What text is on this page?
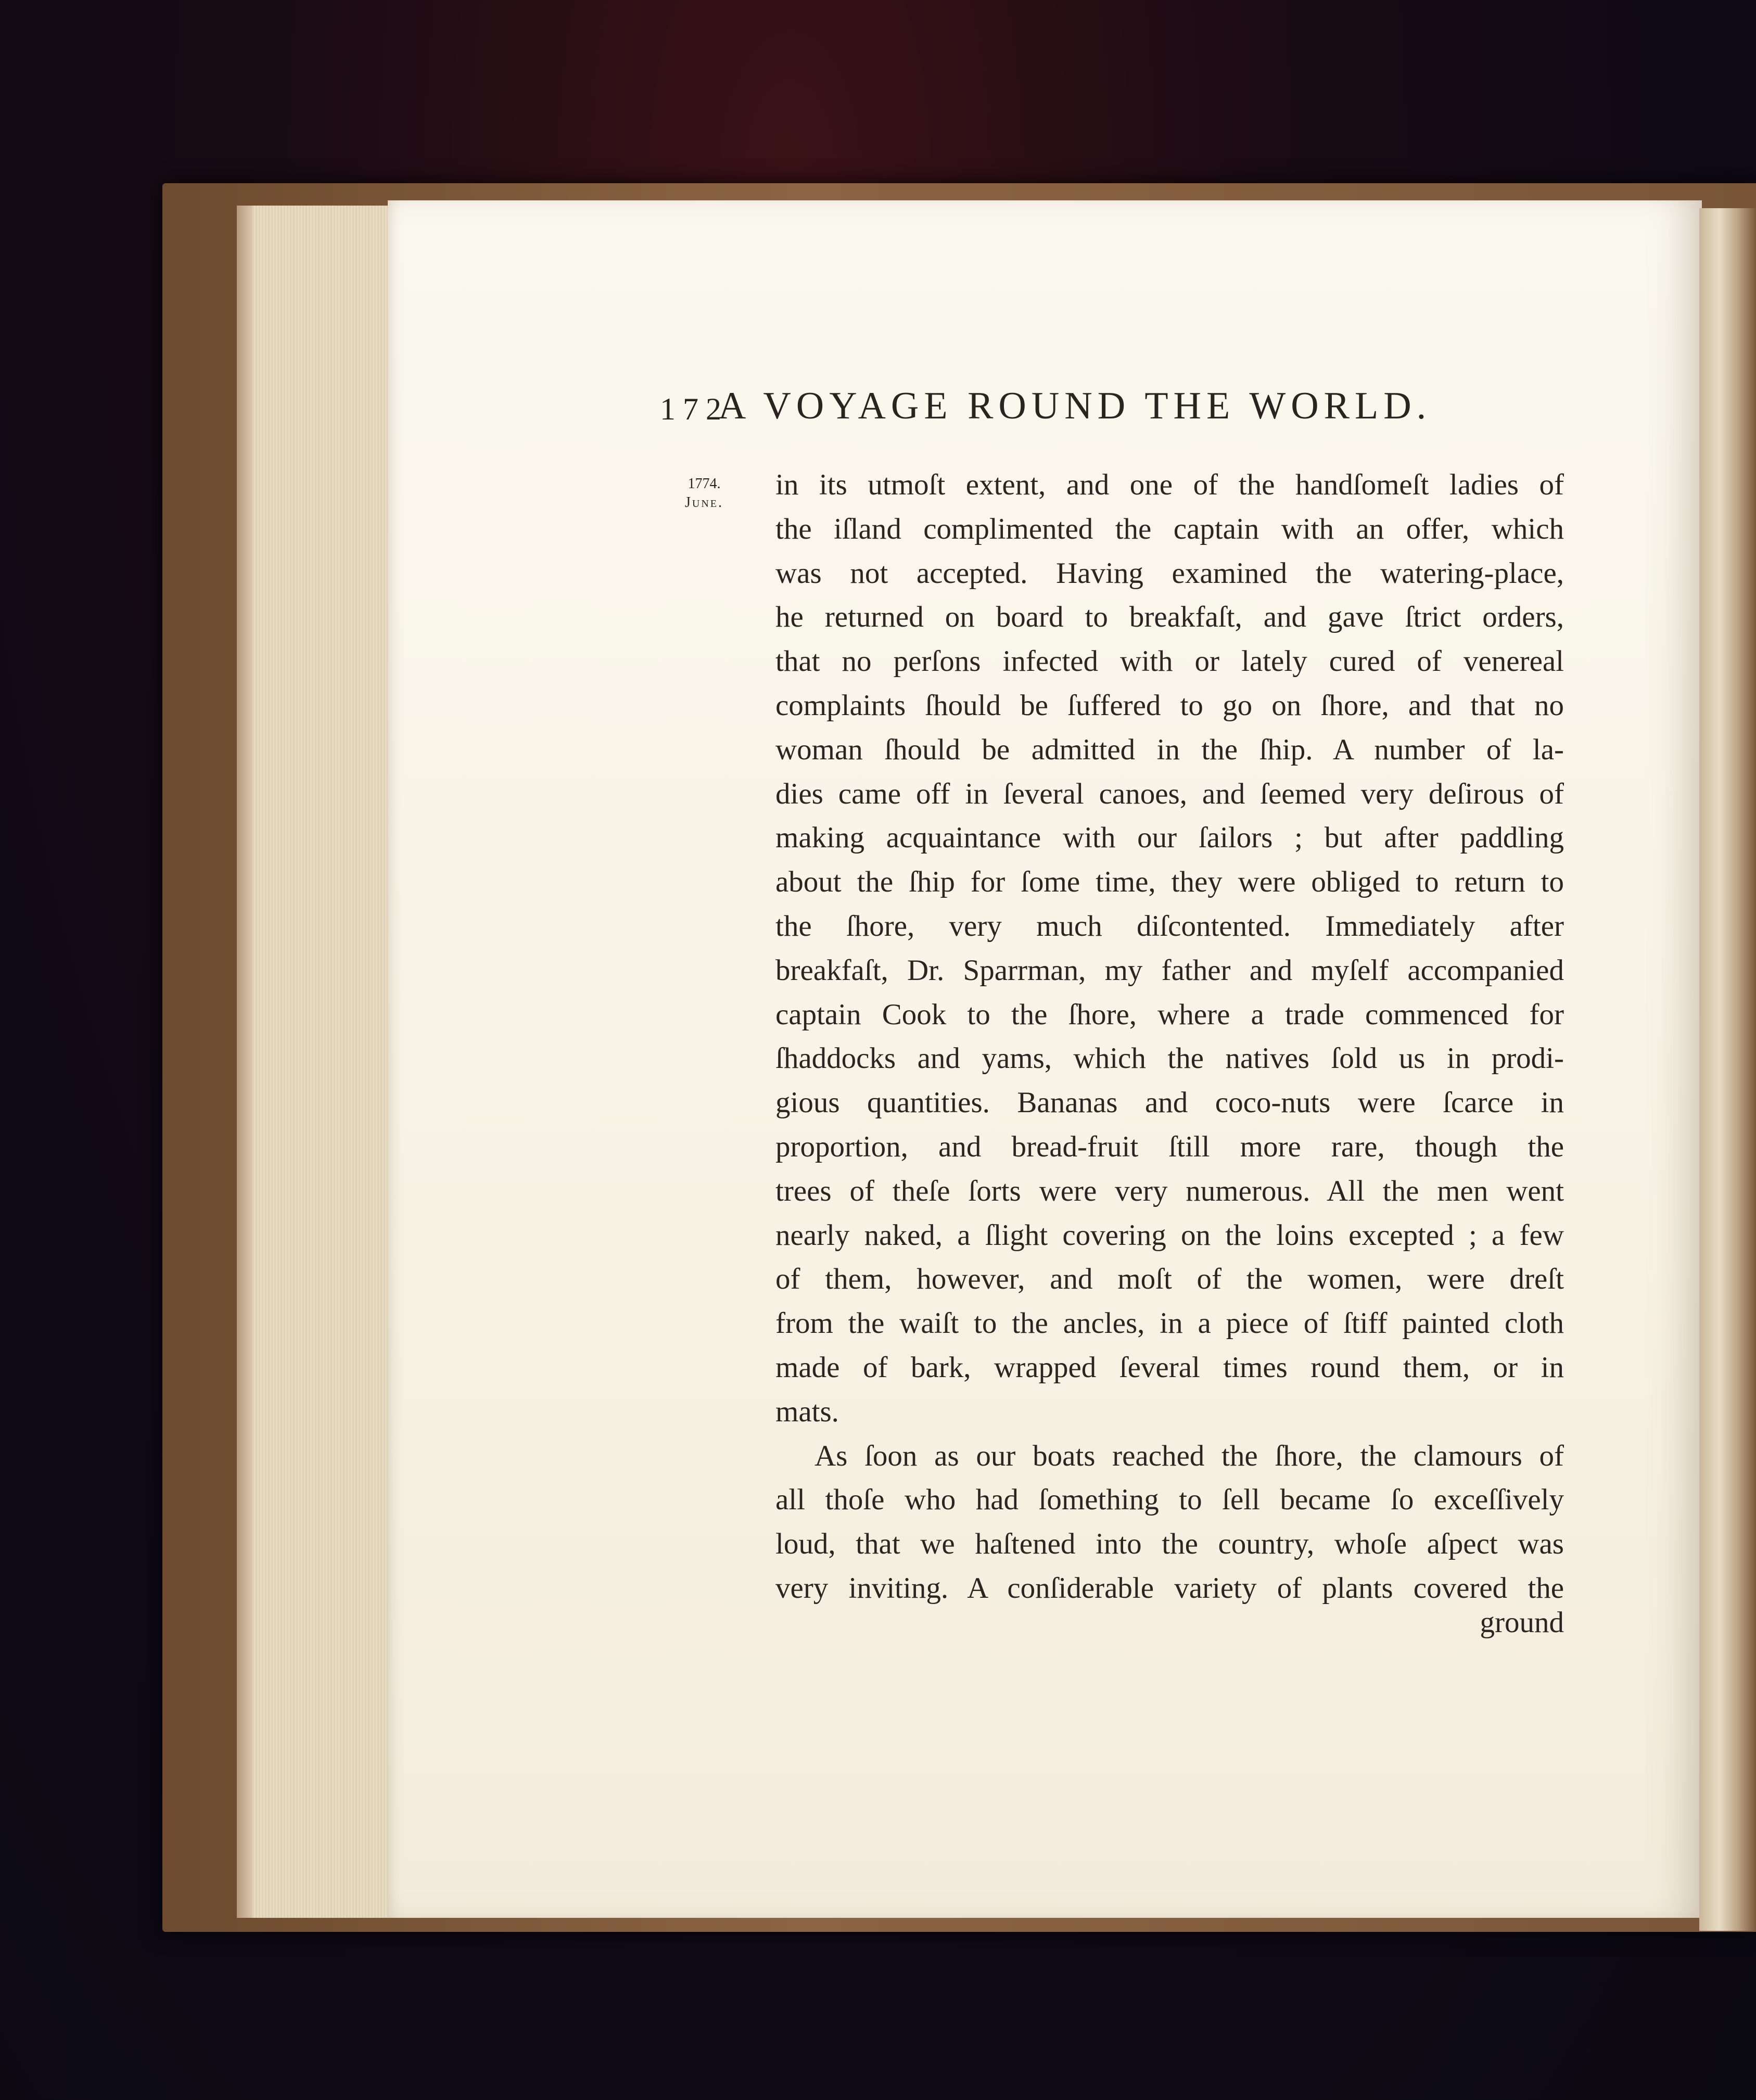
172
A VOYAGE ROUND THE WORLD.
1774.
June.
in its utmoſt extent, and one of the handſomeſt ladies of
the iſland complimented the captain with an offer, which
was not accepted. Having examined the watering-place,
he returned on board to breakfaſt, and gave ſtrict orders,
that no perſons infected with or lately cured of venereal
complaints ſhould be ſuffered to go on ſhore, and that no
woman ſhould be admitted in the ſhip. A number of la-
dies came off in ſeveral canoes, and ſeemed very deſirous of
making acquaintance with our ſailors ; but after paddling
about the ſhip for ſome time, they were obliged to return to
the ſhore, very much diſcontented. Immediately after
breakfaſt, Dr. Sparrman, my father and myſelf accompanied
captain Cook to the ſhore, where a trade commenced for
ſhaddocks and yams, which the natives ſold us in prodi-
gious quantities. Bananas and coco-nuts were ſcarce in
proportion, and bread-fruit ſtill more rare, though the
trees of theſe ſorts were very numerous. All the men went
nearly naked, a ſlight covering on the loins excepted ; a few
of them, however, and moſt of the women, were dreſt
from the waiſt to the ancles, in a piece of ſtiff painted cloth
made of bark, wrapped ſeveral times round them, or in
mats.
As ſoon as our boats reached the ſhore, the clamours of
all thoſe who had ſomething to ſell became ſo exceſſively
loud, that we haſtened into the country, whoſe aſpect was
very inviting. A conſiderable variety of plants covered the
ground
